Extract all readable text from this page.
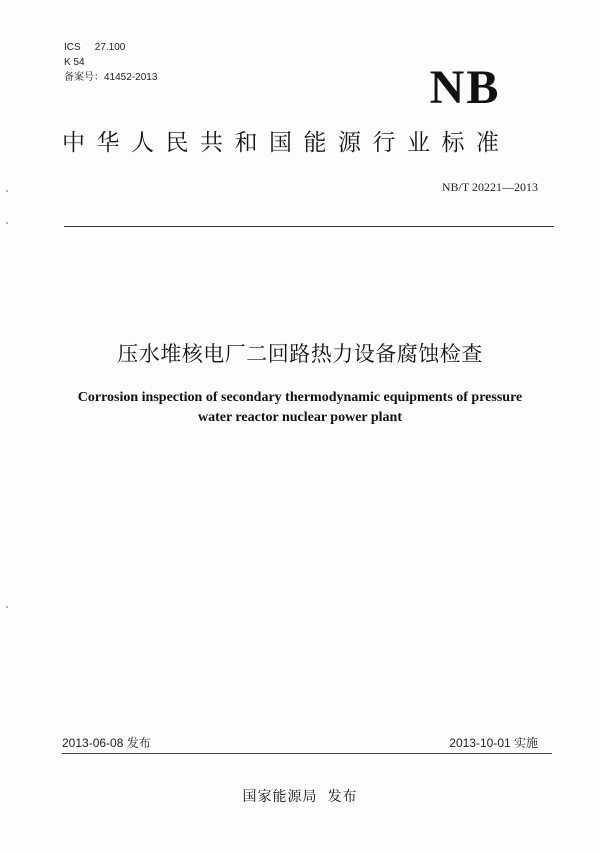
ICS 27.100
K 54
备案号：41452-2013	NB
中华人民共和国能源行业标准
NB/T 20221—2013
压水堆核电厂二回路热力设备腐蚀检查
Corrosion inspection of secondary thermodynamic equipments of pressure
water reactor nuclear power plant
2013-06-08 发布	2013-10-01 实施
国家能源局 发布
